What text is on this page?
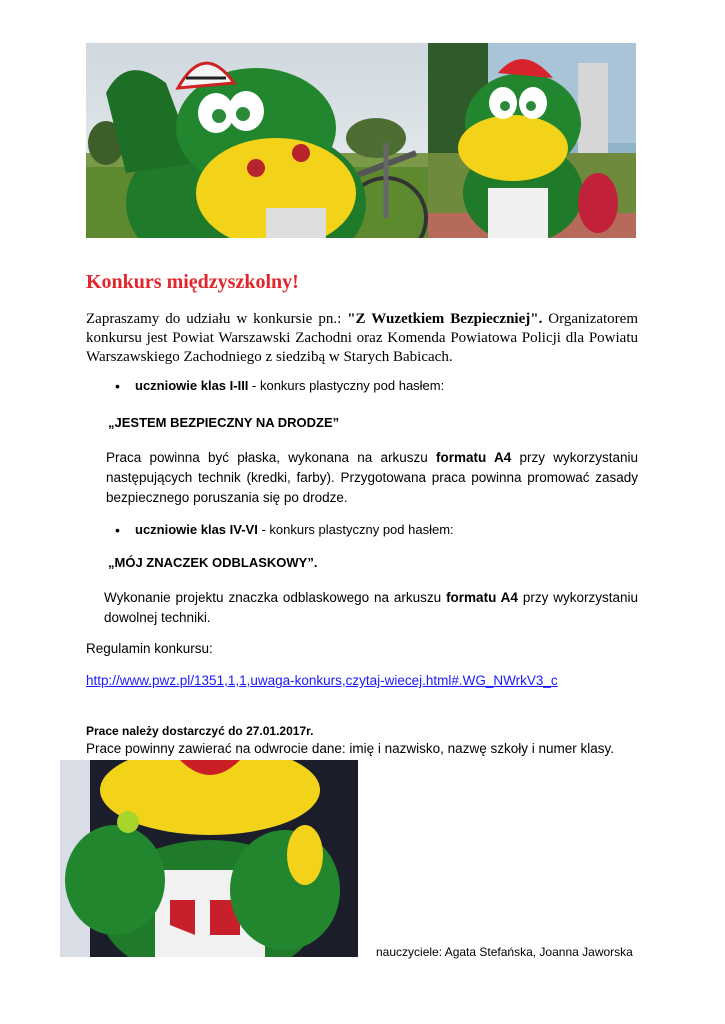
Konkurs międzyszkolny!
Zapraszamy do udziału w konkursie pn.: "Z Wuzetkiem Bezpieczniej". Organizatorem konkursu jest Powiat Warszawski Zachodni oraz Komenda Powiatowa Policji dla Powiatu Warszawskiego Zachodniego z siedzibą w Starych Babicach.
• uczniowie klas I-III - konkurs plastyczny pod hasłem:
„JESTEM BEZPIECZNY NA DRODZE”
Praca powinna być płaska, wykonana na arkuszu formatu A4 przy wykorzystaniu następujących technik (kredki, farby). Przygotowana praca powinna promować zasady bezpiecznego poruszania się po drodze.
• uczniowie klas IV-VI - konkurs plastyczny pod hasłem:
„MÓJ ZNACZEK ODBLASKOWY”.
Wykonanie projektu znaczka odblaskowego na arkuszu formatu A4 przy wykorzystaniu dowolnej techniki.
Regulamin konkursu:
http://www.pwz.pl/1351,1,1,uwaga-konkurs,czytaj-wiecej.html#.WG_NWrkV3_c
Prace należy dostarczyć do 27.01.2017r.
Prace powinny zawierać na odwrocie dane: imię i nazwisko, nazwę szkoły i numer klasy.
nauczyciele: Agata Stefańska, Joanna Jaworska
